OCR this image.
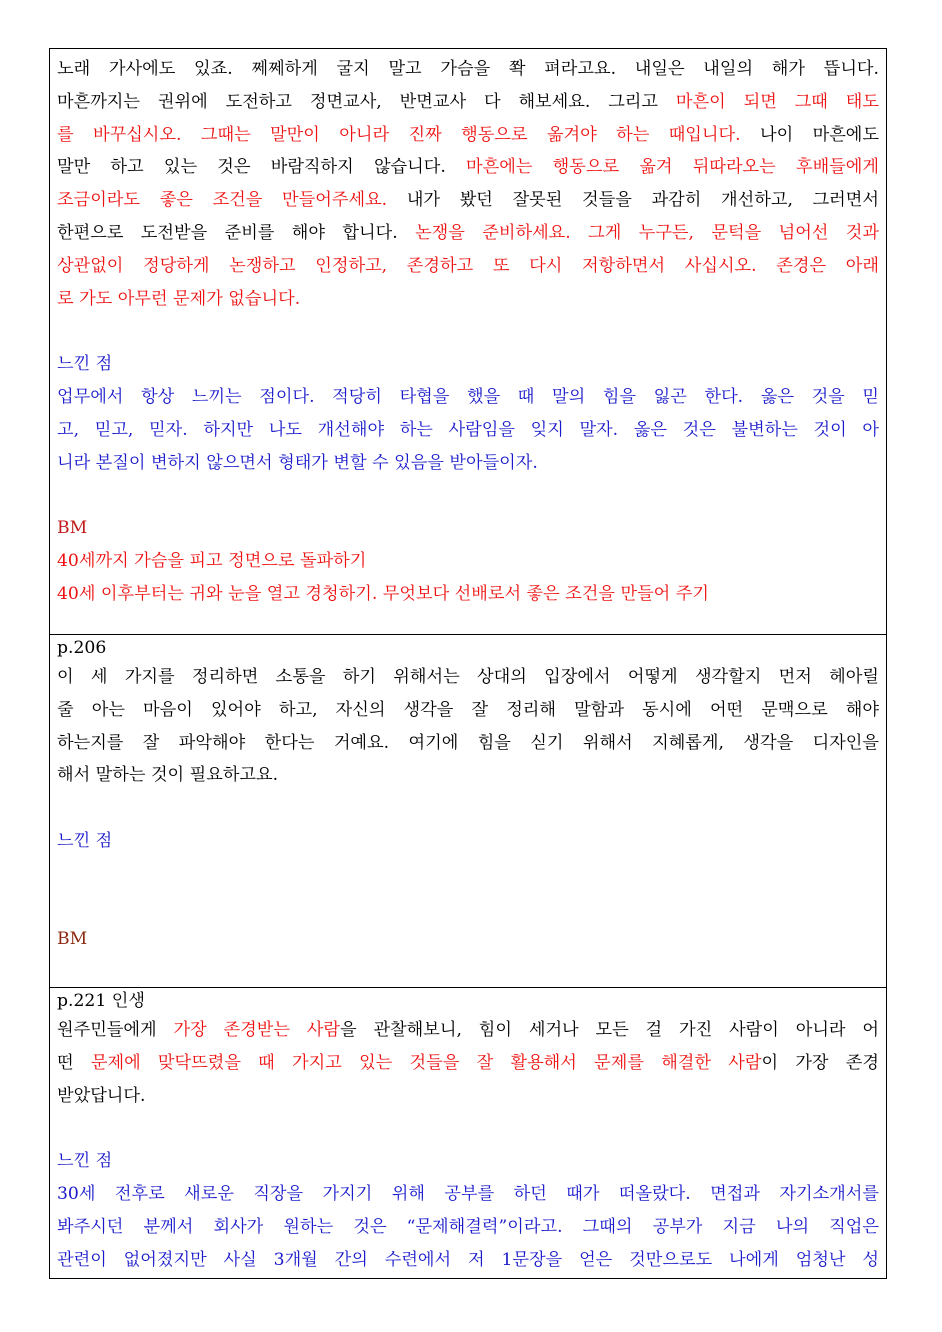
노래 가사에도 있죠. 쩨쩨하게 굴지 말고 가슴을 쫙 펴라고요. 내일은 내일의 해가 뜹니다.
마흔까지는 권위에 도전하고 정면교사, 반면교사 다 해보세요. 그리고 마흔이 되면 그때 태도
를 바꾸십시오. 그때는 말만이 아니라 진짜 행동으로 옮겨야 하는 때입니다. 나이 마흔에도
말만 하고 있는 것은 바람직하지 않습니다. 마흔에는 행동으로 옮겨 뒤따라오는 후배들에게
조금이라도 좋은 조건을 만들어주세요. 내가 봤던 잘못된 것들을 과감히 개선하고, 그러면서
한편으로 도전받을 준비를 해야 합니다. 논쟁을 준비하세요. 그게 누구든, 문턱을 넘어선 것과
상관없이 정당하게 논쟁하고 인정하고, 존경하고 또 다시 저항하면서 사십시오. 존경은 아래
로 가도 아무런 문제가 없습니다.
느낀 점
업무에서 항상 느끼는 점이다. 적당히 타협을 했을 때 말의 힘을 잃곤 한다. 옳은 것을 믿
고, 믿고, 믿자. 하지만 나도 개선해야 하는 사람임을 잊지 말자. 옳은 것은 불변하는 것이 아
니라 본질이 변하지 않으면서 형태가 변할 수 있음을 받아들이자.
BM
40세까지 가슴을 피고 정면으로 돌파하기
40세 이후부터는 귀와 눈을 열고 경청하기. 무엇보다 선배로서 좋은 조건을 만들어 주기
p.206
이 세 가지를 정리하면 소통을 하기 위해서는 상대의 입장에서 어떻게 생각할지 먼저 헤아릴
줄 아는 마음이 있어야 하고, 자신의 생각을 잘 정리해 말함과 동시에 어떤 문맥으로 해야
하는지를 잘 파악해야 한다는 거예요. 여기에 힘을 싣기 위해서 지혜롭게, 생각을 디자인을
해서 말하는 것이 필요하고요.
느낀 점
BM
p.221 인생
원주민들에게 가장 존경받는 사람을 관찰해보니, 힘이 세거나 모든 걸 가진 사람이 아니라 어
떤 문제에 맞닥뜨렸을 때 가지고 있는 것들을 잘 활용해서 문제를 해결한 사람이 가장 존경
받았답니다.
느낀 점
30세 전후로 새로운 직장을 가지기 위해 공부를 하던 때가 떠올랐다. 면접과 자기소개서를
봐주시던 분께서 회사가 원하는 것은 “문제해결력”이라고. 그때의 공부가 지금 나의 직업은
관련이 없어졌지만 사실 3개월 간의 수련에서 저 1문장을 얻은 것만으로도 나에게 엄청난 성
